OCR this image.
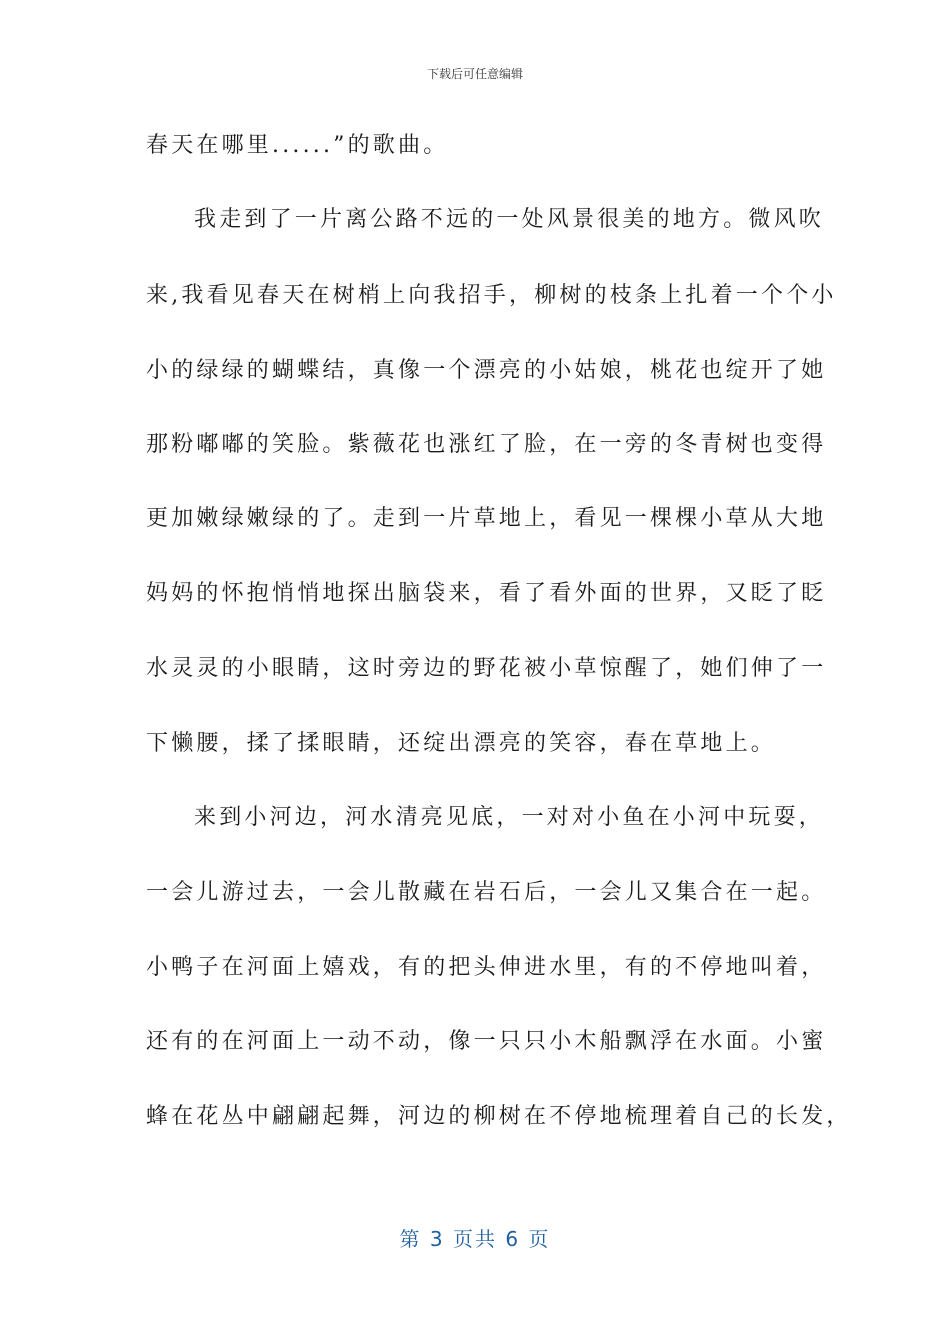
下载后可任意编辑
春天在哪里......”的歌曲。
我走到了一片离公路不远的一处风景很美的地方。微风吹
来,我看见春天在树梢上向我招手，柳树的枝条上扎着一个个小
小的绿绿的蝴蝶结，真像一个漂亮的小姑娘，桃花也绽开了她
那粉嘟嘟的笑脸。紫薇花也涨红了脸，在一旁的冬青树也变得
更加嫩绿嫩绿的了。走到一片草地上，看见一棵棵小草从大地
妈妈的怀抱悄悄地探出脑袋来，看了看外面的世界，又眨了眨
水灵灵的小眼睛，这时旁边的野花被小草惊醒了，她们伸了一
下懒腰，揉了揉眼睛，还绽出漂亮的笑容，春在草地上。
来到小河边，河水清亮见底，一对对小鱼在小河中玩耍，
一会儿游过去，一会儿散藏在岩石后，一会儿又集合在一起。
小鸭子在河面上嬉戏，有的把头伸进水里，有的不停地叫着，
还有的在河面上一动不动，像一只只小木船飘浮在水面。小蜜
蜂在花丛中翩翩起舞，河边的柳树在不停地梳理着自己的长发，
第 3 页共 6 页
